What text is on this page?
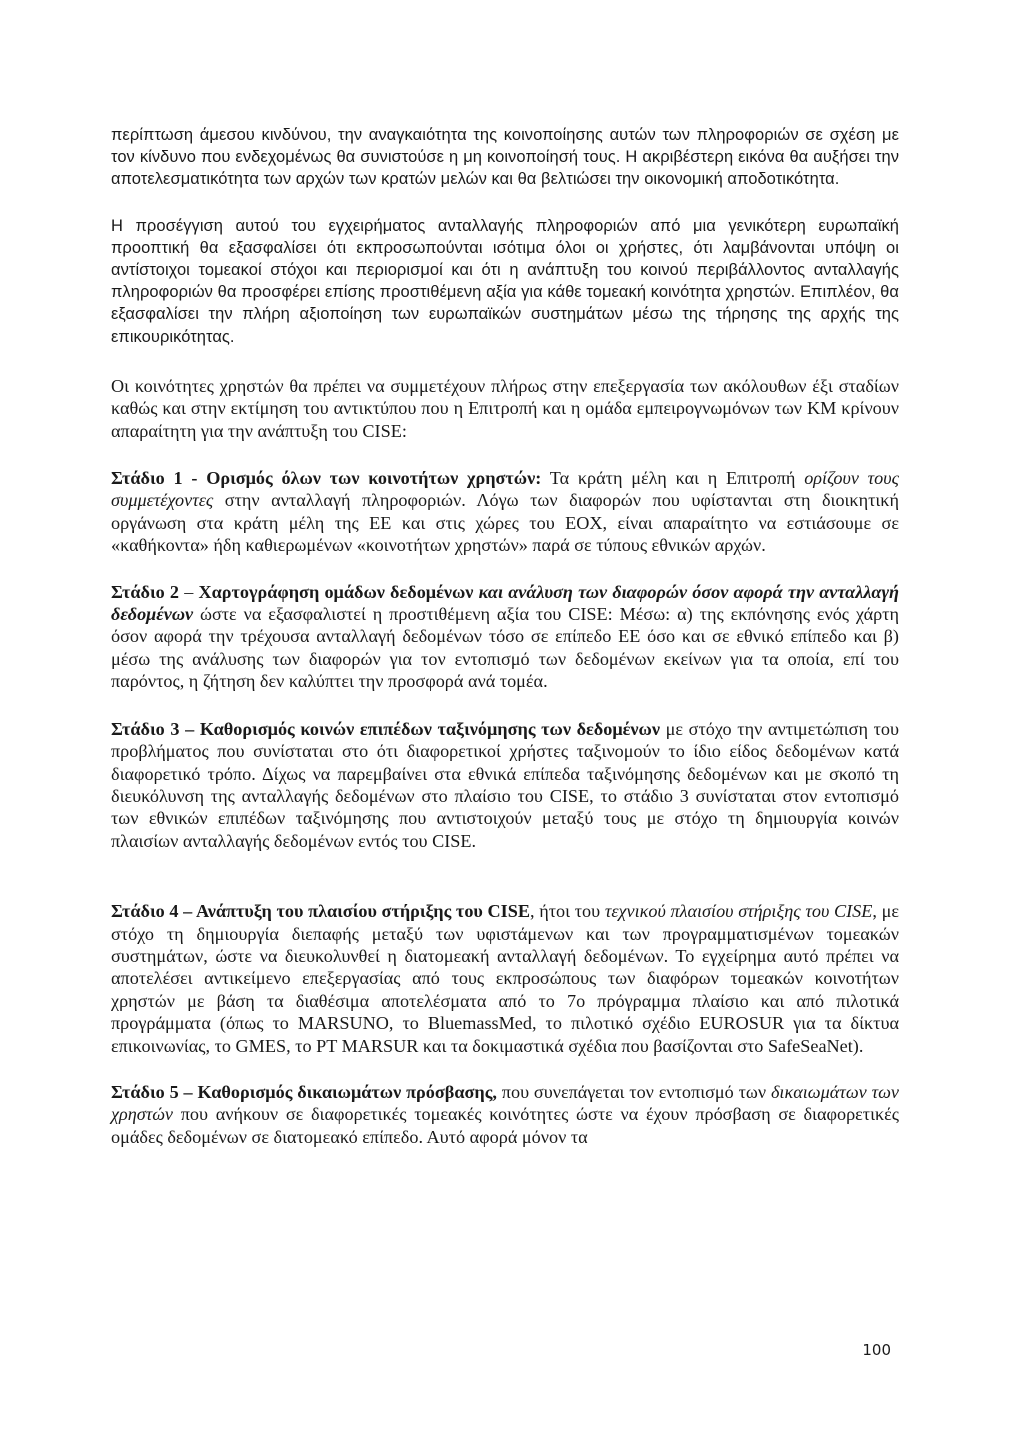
περίπτωση άμεσου κινδύνου, την αναγκαιότητα της κοινοποίησης αυτών των πληροφοριών σε σχέση με τον κίνδυνο που ενδεχομένως θα συνιστούσε η μη κοινοποίησή τους. Η ακριβέστερη εικόνα θα αυξήσει την αποτελεσματικότητα των αρχών των κρατών μελών και θα βελτιώσει την οικονομική αποδοτικότητα.

Η προσέγγιση αυτού του εγχειρήματος ανταλλαγής πληροφοριών από μια γενικότερη ευρωπαϊκή προοπτική θα εξασφαλίσει ότι εκπροσωπούνται ισότιμα όλοι οι χρήστες, ότι λαμβάνονται υπόψη οι αντίστοιχοι τομεακοί στόχοι και περιορισμοί και ότι η ανάπτυξη του κοινού περιβάλλοντος ανταλλαγής πληροφοριών θα προσφέρει επίσης προστιθέμενη αξία για κάθε τομεακή κοινότητα χρηστών. Επιπλέον, θα εξασφαλίσει την πλήρη αξιοποίηση των ευρωπαϊκών συστημάτων μέσω της τήρησης της αρχής της επικουρικότητας.

Οι κοινότητες χρηστών θα πρέπει να συμμετέχουν πλήρως στην επεξεργασία των ακόλουθων έξι σταδίων καθώς και στην εκτίμηση του αντικτύπου που η Επιτροπή και η ομάδα εμπειρογνωμόνων των ΚΜ κρίνουν απαραίτητη για την ανάπτυξη του CISE:

Στάδιο 1 - Ορισμός όλων των κοινοτήτων χρηστών: Τα κράτη μέλη και η Επιτροπή ορίζουν τους συμμετέχοντες στην ανταλλαγή πληροφοριών. Λόγω των διαφορών που υφίστανται στη διοικητική οργάνωση στα κράτη μέλη της ΕΕ και στις χώρες του ΕΟΧ, είναι απαραίτητο να εστιάσουμε σε «καθήκοντα» ήδη καθιερωμένων «κοινοτήτων χρηστών» παρά σε τύπους εθνικών αρχών.

Στάδιο 2 – Χαρτογράφηση ομάδων δεδομένων και ανάλυση των διαφορών όσον αφορά την ανταλλαγή δεδομένων ώστε να εξασφαλιστεί η προστιθέμενη αξία του CISE: Μέσω: α) της εκπόνησης ενός χάρτη όσον αφορά την τρέχουσα ανταλλαγή δεδομένων τόσο σε επίπεδο ΕΕ όσο και σε εθνικό επίπεδο και β) μέσω της ανάλυσης των διαφορών για τον εντοπισμό των δεδομένων εκείνων για τα οποία, επί του παρόντος, η ζήτηση δεν καλύπτει την προσφορά ανά τομέα.

Στάδιο 3 – Καθορισμός κοινών επιπέδων ταξινόμησης των δεδομένων με στόχο την αντιμετώπιση του προβλήματος που συνίσταται στο ότι διαφορετικοί χρήστες ταξινομούν το ίδιο είδος δεδομένων κατά διαφορετικό τρόπο. Δίχως να παρεμβαίνει στα εθνικά επίπεδα ταξινόμησης δεδομένων και με σκοπό τη διευκόλυνση της ανταλλαγής δεδομένων στο πλαίσιο του CISE, το στάδιο 3 συνίσταται στον εντοπισμό των εθνικών επιπέδων ταξινόμησης που αντιστοιχούν μεταξύ τους με στόχο τη δημιουργία κοινών πλαισίων ανταλλαγής δεδομένων εντός του CISE.

Στάδιο 4 – Ανάπτυξη του πλαισίου στήριξης του CISE, ήτοι του τεχνικού πλαισίου στήριξης του CISE, με στόχο τη δημιουργία διεπαφής μεταξύ των υφιστάμενων και των προγραμματισμένων τομεακών συστημάτων, ώστε να διευκολυνθεί η διατομεακή ανταλλαγή δεδομένων. Το εγχείρημα αυτό πρέπει να αποτελέσει αντικείμενο επεξεργασίας από τους εκπροσώπους των διαφόρων τομεακών κοινοτήτων χρηστών με βάση τα διαθέσιμα αποτελέσματα από το 7ο πρόγραμμα πλαίσιο και από πιλοτικά προγράμματα (όπως το MARSUNO, το BluemassMed, το πιλοτικό σχέδιο EUROSUR για τα δίκτυα επικοινωνίας, το GMES, το PT MARSUR και τα δοκιμαστικά σχέδια που βασίζονται στο SafeSeaNet).

Στάδιο 5 – Καθορισμός δικαιωμάτων πρόσβασης, που συνεπάγεται τον εντοπισμό των δικαιωμάτων των χρηστών που ανήκουν σε διαφορετικές τομεακές κοινότητες ώστε να έχουν πρόσβαση σε διαφορετικές ομάδες δεδομένων σε διατομεακό επίπεδο. Αυτό αφορά μόνον τα

100
